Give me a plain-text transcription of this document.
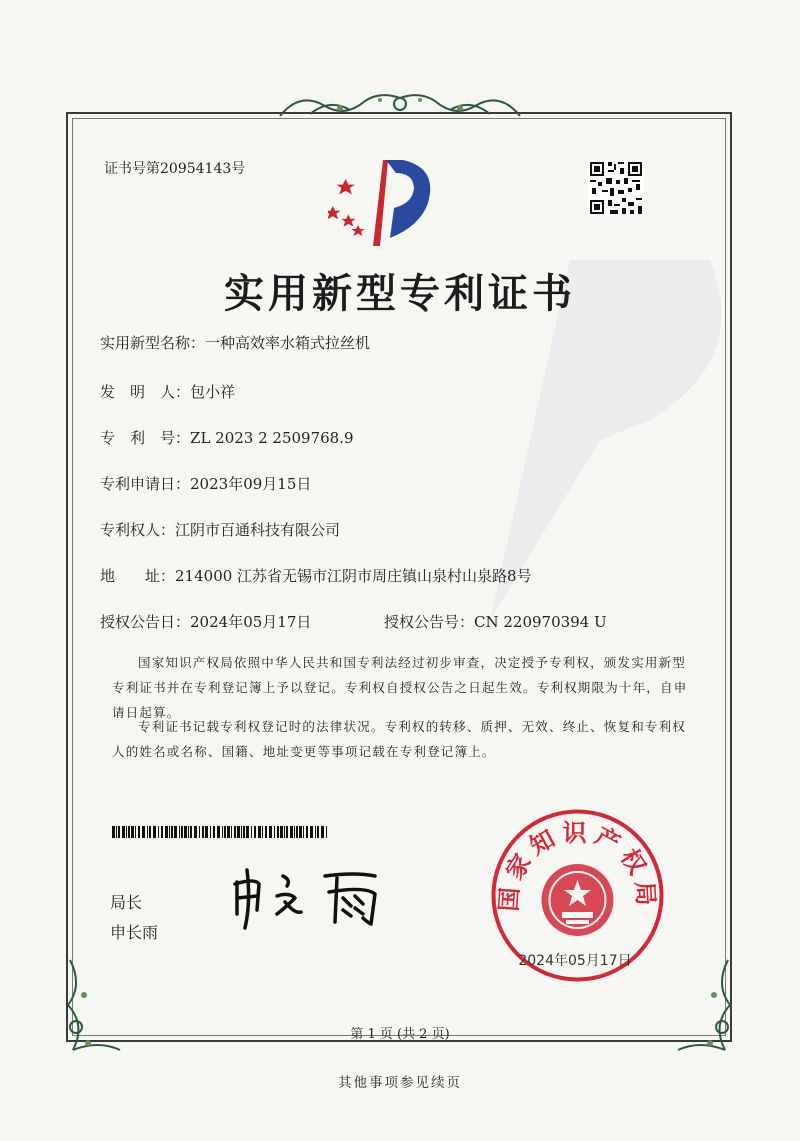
证书号第20954143号
实用新型专利证书
实用新型名称：一种高效率水箱式拉丝机
发　明　人：包小祥
专　利　号：ZL 2023 2 2509768.9
专利申请日：2023年09月15日
专利权人：江阴市百通科技有限公司
地　　址：214000 江苏省无锡市江阴市周庄镇山泉村山泉路8号
授权公告日：2024年05月17日	授权公告号：CN 220970394 U
国家知识产权局依照中华人民共和国专利法经过初步审查，决定授予专利权，颁发实用新型专利证书并在专利登记簿上予以登记。专利权自授权公告之日起生效。专利权期限为十年，自申请日起算。
专利证书记载专利权登记时的法律状况。专利权的转移、质押、无效、终止、恢复和专利权人的姓名或名称、国籍、地址变更等事项记载在专利登记簿上。
局长
申长雨
国家知识产权局
2024年05月17日
第 1 页 (共 2 页)
其他事项参见续页
